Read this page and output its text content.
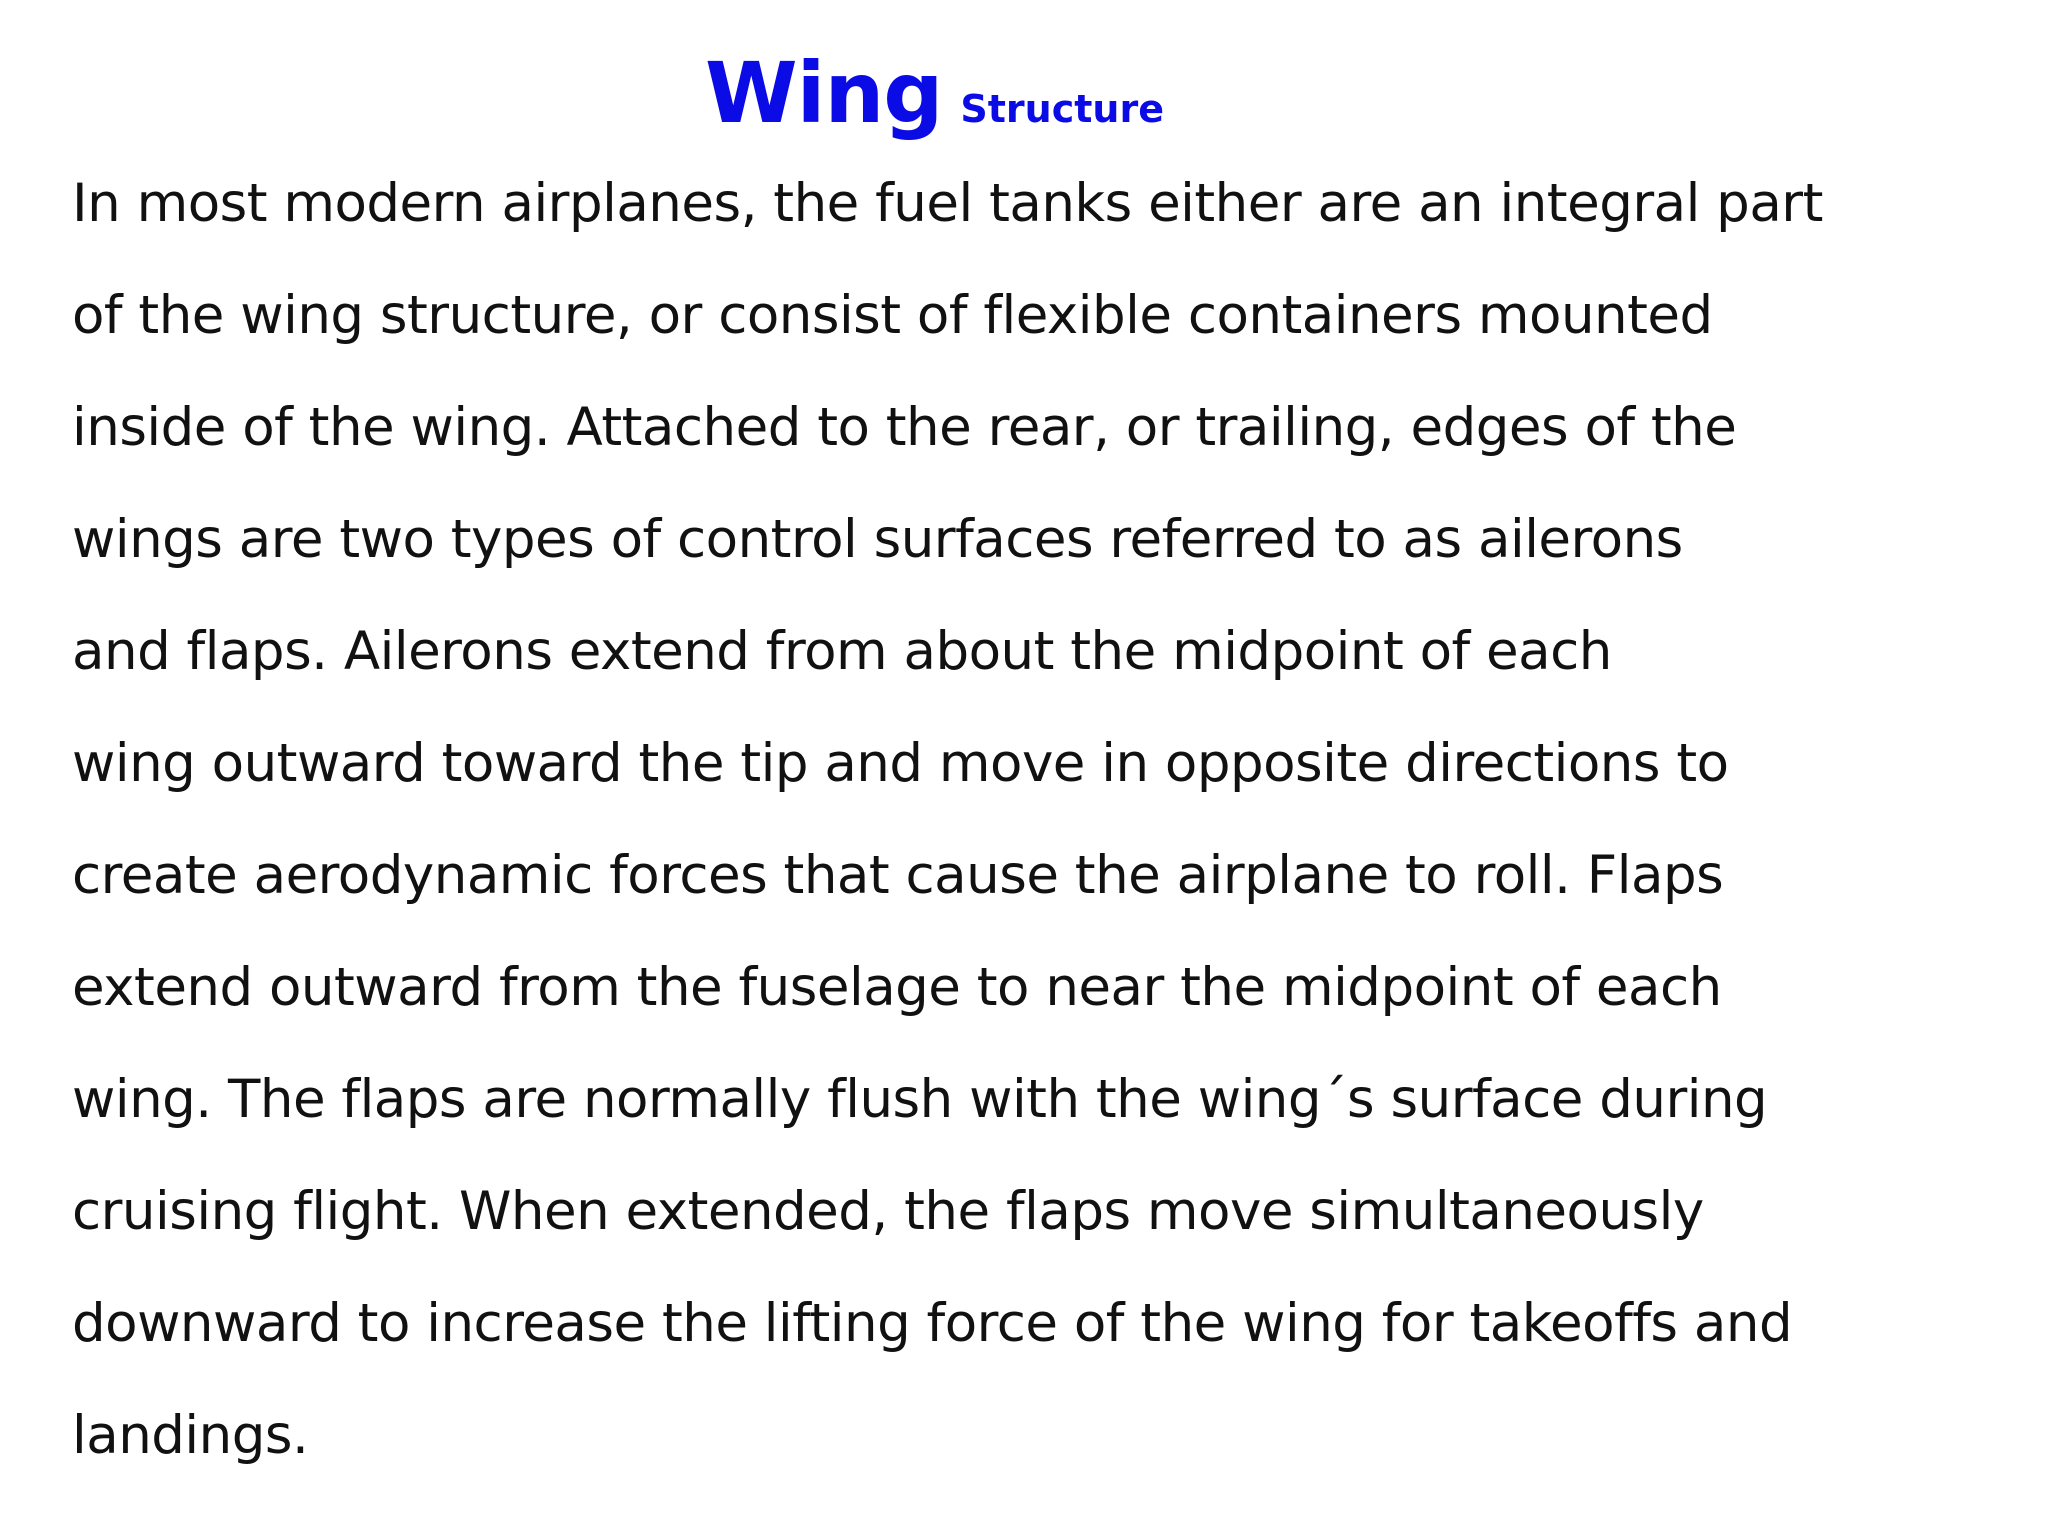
Wing Structure
In most modern airplanes, the fuel tanks either are an integral part
of the wing structure, or consist of flexible containers mounted
inside of the wing. Attached to the rear, or trailing, edges of the
wings are two types of control surfaces referred to as ailerons
and flaps. Ailerons extend from about the midpoint of each
wing outward toward the tip and move in opposite directions to
create aerodynamic forces that cause the airplane to roll. Flaps
extend outward from the fuselage to near the midpoint of each
wing. The flaps are normally flush with the wing´s surface during
cruising flight. When extended, the flaps move simultaneously
downward to increase the lifting force of the wing for takeoffs and
landings.
